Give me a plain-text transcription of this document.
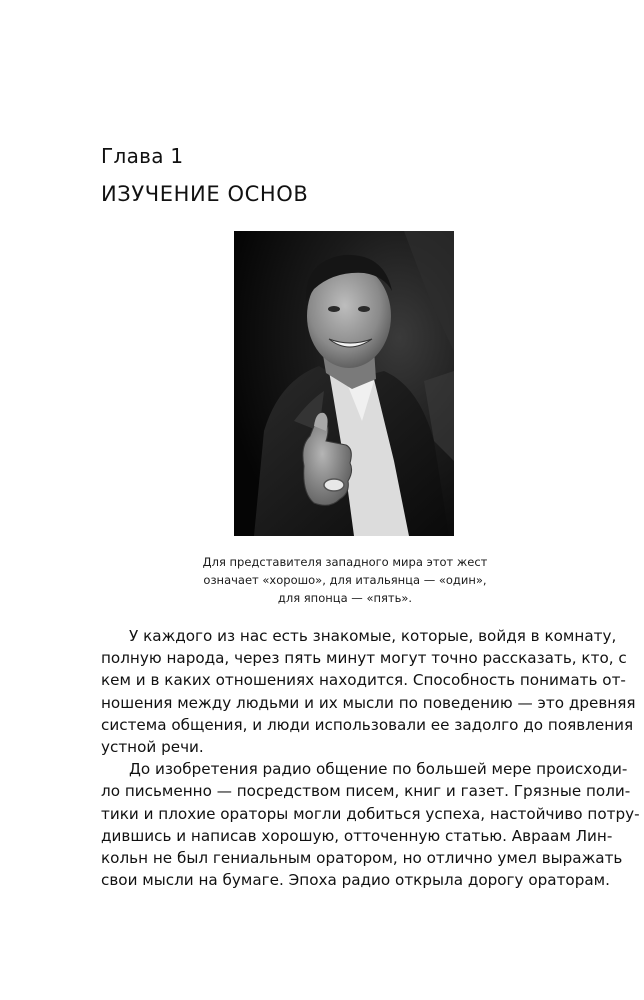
Глава 1
ИЗУЧЕНИЕ ОСНОВ
Для представителя западного мира этот жест
означает «хорошо», для итальянца — «один»,
для японца — «пять».
У каждого из нас есть знакомые, которые, войдя в комнату,
полную народа, через пять минут могут точно рассказать, кто, с
кем и в каких отношениях находится. Способность понимать от-
ношения между людьми и их мысли по поведению — это древняя
система общения, и люди использовали ее задолго до появления
устной речи.
До изобретения радио общение по большей мере происходи-
ло письменно — посредством писем, книг и газет. Грязные поли-
тики и плохие ораторы могли добиться успеха, настойчиво потру-
дившись и написав хорошую, отточенную статью. Авраам Лин-
кольн не был гениальным оратором, но отлично умел выражать
свои мысли на бумаге. Эпоха радио открыла дорогу ораторам.
